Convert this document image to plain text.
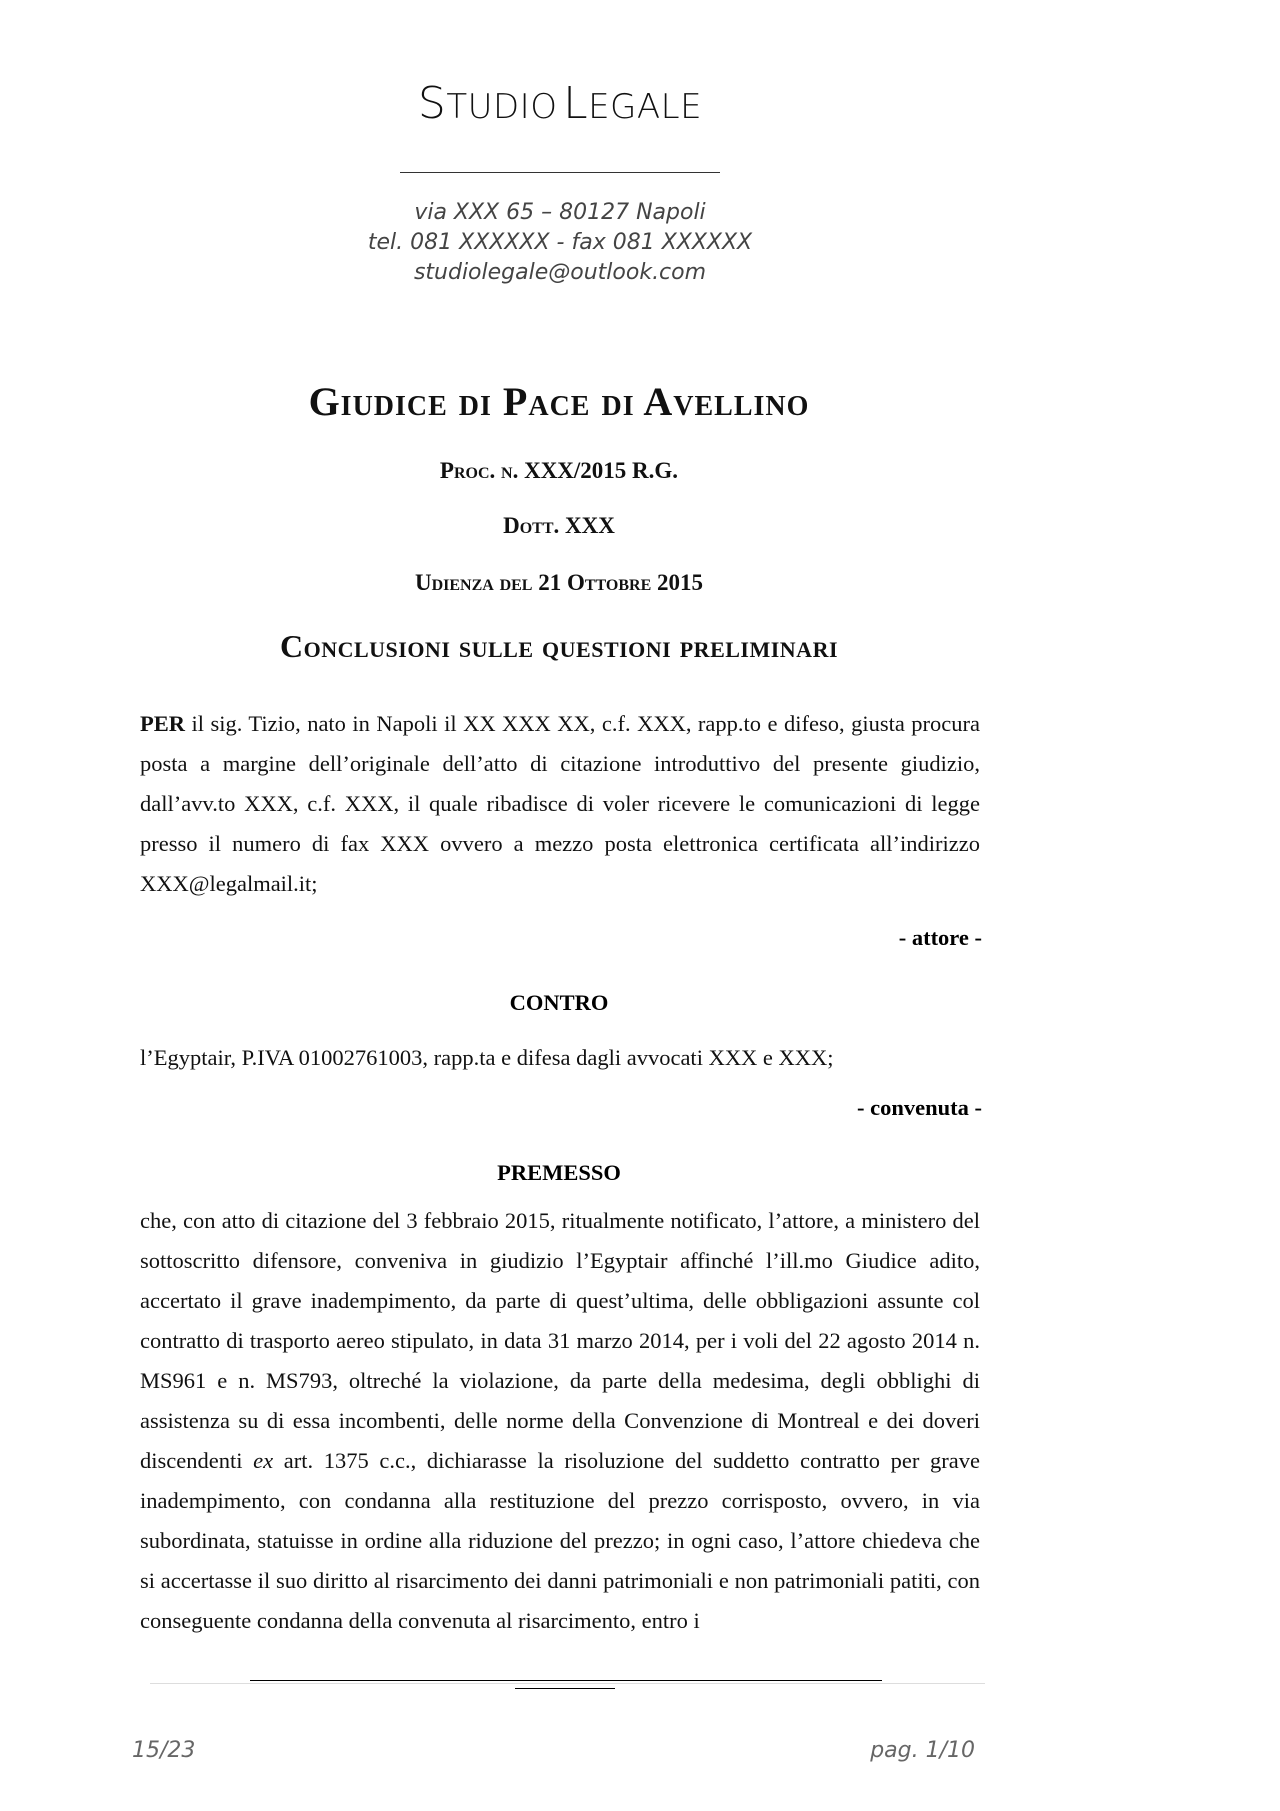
STUDIO LEGALE
via XXX 65 – 80127 Napoli
tel. 081 XXXXXX - fax 081 XXXXXX
studiolegale@outlook.com
Giudice di Pace di Avellino
Proc. n. XXX/2015 R.G.
Dott. XXX
Udienza del 21 Ottobre 2015
Conclusioni sulle questioni preliminari

PER il sig. Tizio, nato in Napoli il XX XXX XX, c.f. XXX, rapp.to e difeso, giusta procura posta a margine dell’originale dell’atto di citazione introduttivo del presente giudizio, dall’avv.to XXX, c.f. XXX, il quale ribadisce di voler ricevere le comunicazioni di legge presso il numero di fax XXX ovvero a mezzo posta elettronica certificata all’indirizzo XXX@legalmail.it;

- attore -
CONTRO

l’Egyptair, P.IVA 01002761003, rapp.ta e difesa dagli avvocati XXX e XXX;

- convenuta -
PREMESSO

che, con atto di citazione del 3 febbraio 2015, ritualmente notificato, l’attore, a ministero del sottoscritto difensore, conveniva in giudizio l’Egyptair affinché l’ill.mo Giudice adito, accertato il grave inadempimento, da parte di quest’ultima, delle obbligazioni assunte col contratto di trasporto aereo stipulato, in data 31 marzo 2014, per i voli del 22 agosto 2014 n. MS961 e n. MS793, oltreché la violazione, da parte della medesima, degli obblighi di assistenza su di essa incombenti, delle norme della Convenzione di Montreal e dei doveri discendenti ex art. 1375 c.c., dichiarasse la risoluzione del suddetto contratto per grave inadempimento, con condanna alla restituzione del prezzo corrisposto, ovvero, in via subordinata, statuisse in ordine alla riduzione del prezzo; in ogni caso, l’attore chiedeva che si accertasse il suo diritto al risarcimento dei danni patrimoniali e non patrimoniali patiti, con conseguente condanna della convenuta al risarcimento, entro i

15/23	pag. 1/10
